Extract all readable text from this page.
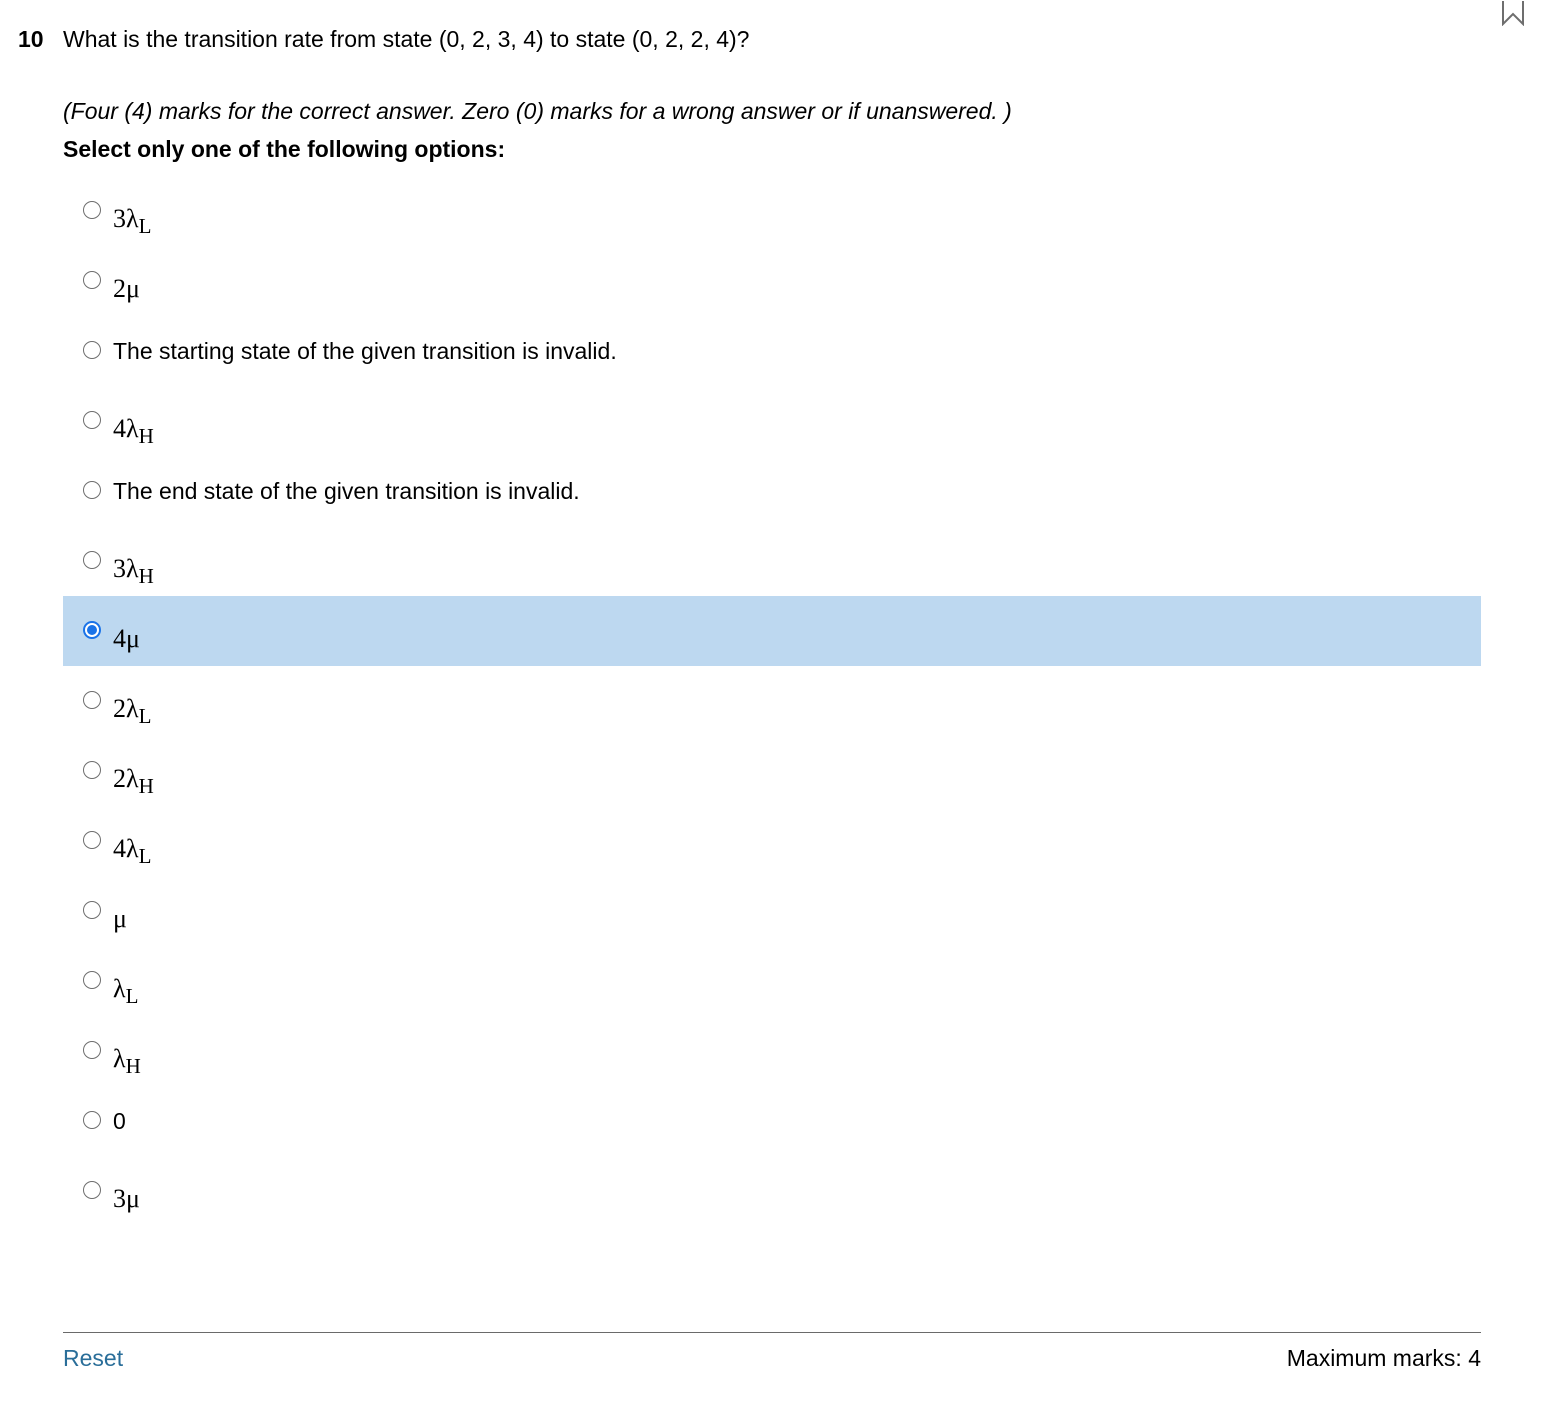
10 What is the transition rate from state (0, 2, 3, 4) to state (0, 2, 2, 4)?
(Four (4) marks for the correct answer. Zero (0) marks for a wrong answer or if unanswered. )
Select only one of the following options:
$3\lambda_L$
2μ
The starting state of the given transition is invalid.
$4\lambda_H$
The end state of the given transition is invalid.
$3\lambda_H$
4μ
$2\lambda_L$
$2\lambda_H$
$4\lambda_L$
μ
$\lambda_L$
$\lambda_H$
0
3μ
Reset	Maximum marks: 4
